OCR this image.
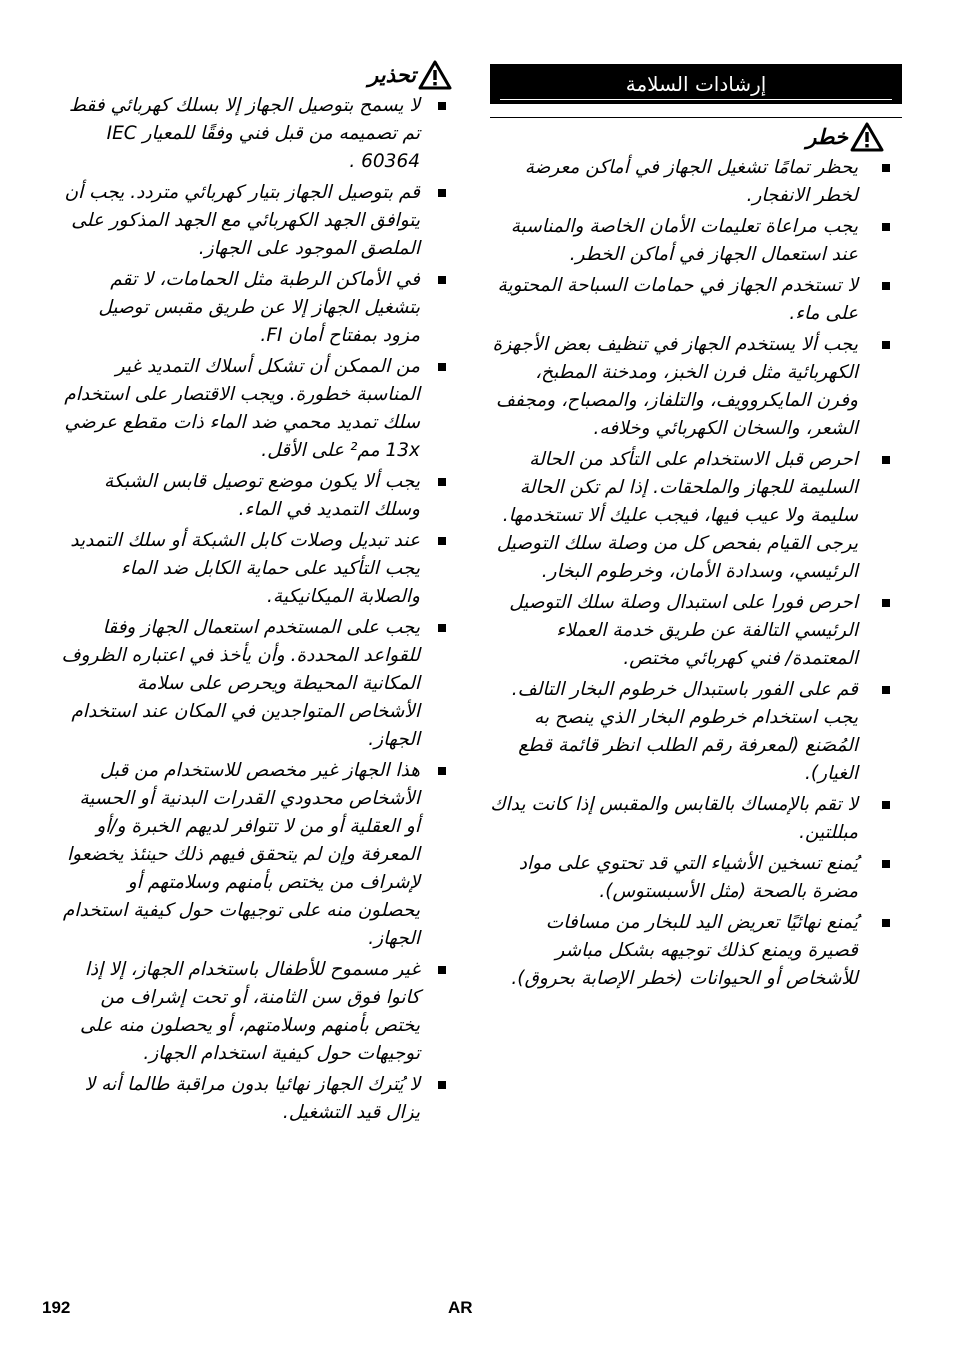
إرشادات السلامة
خطر
يحظر تمامًا تشغيل الجهاز في أماكن معرضة لخطر الانفجار.
يجب مراعاة تعليمات الأمان الخاصة والمناسبة عند استعمال الجهاز في أماكن الخطر.
لا تستخدم الجهاز في حمامات السباحة المحتوية على ماء.
يجب ألا يستخدم الجهاز في تنظيف بعض الأجهزة الكهربائية مثل فرن الخبز، ومدخنة المطبخ، وفرن المايكروويف، والتلفاز، والمصباح، ومجفف الشعر، والسخان الكهربائي وخلافه.
احرص قبل الاستخدام على التأكد من الحالة السليمة للجهاز والملحقات. إذا لم تكن الحالة سليمة ولا عيب فيها، فيجب عليك ألا تستخدمها. يرجى القيام بفحص كل من وصلة سلك التوصيل الرئيسي، وسدادة الأمان، وخرطوم البخار.
احرص فورا على استبدال وصلة سلك التوصيل الرئيسي التالفة عن طريق خدمة العملاء المعتمدة/ فني كهربائي مختص.
قم على الفور باستبدال خرطوم البخار التالف. يجب استخدام خرطوم البخار الذي ينصح به المُصَنع (لمعرفة رقم الطلب انظر قائمة قطع الغيار).
لا تقم بالإمساك بالقابس والمقبس إذا كانت يداك مبللتين.
يُمنع تسخين الأشياء التي قد تحتوي على مواد مضرة بالصحة (مثل الأسبستوس).
يُمنع نهائيًا تعريض اليد للبخار من مسافات قصيرة ويمنع كذلك توجيهه بشكل مباشر للأشخاص أو الحيوانات (خطر الإصابة بحروق).
تحذير
لا يسمح بتوصيل الجهاز إلا بسلك كهربائي فقط تم تصميمه من قبل فني وفقًا للمعيار IEC 60364 .
قم بتوصيل الجهاز بتيار كهربائي متردد. يجب أن يتوافق الجهد الكهربائي مع الجهد المذكور على الملصق الموجود على الجهاز.
في الأماكن الرطبة مثل الحمامات، لا تقم بتشغيل الجهاز إلا عن طريق مقبس توصيل مزود بمفتاح أمان FI.
من الممكن أن تشكل أسلاك التمديد غير المناسبة خطورة. ويجب الاقتصار على استخدام سلك تمديد محمي ضد الماء ذات مقطع عرضي 13x مم² على الأقل.
يجب ألا يكون موضع توصيل قابس الشبكة وسلك التمديد في الماء.
عند تبديل وصلات كابل الشبكة أو سلك التمديد يجب التأكيد على حماية الكابل ضد الماء والصلابة الميكانيكية.
يجب على المستخدم استعمال الجهاز وفقا للقواعد المحددة. وأن يأخذ في اعتباره الظروف المكانية المحيطة ويحرص على سلامة الأشخاص المتواجدين في المكان عند استخدام الجهاز.
هذا الجهاز غير مخصص للاستخدام من قبل الأشخاص محدودي القدرات البدنية أو الحسية أو العقلية أو من لا تتوافر لديهم الخبرة و/أو المعرفة وإن لم يتحقق فيهم ذلك حينئذ يخضعوا لإشراف من يختص بأمنهم وسلامتهم أو يحصلون منه على توجيهات حول كيفية استخدام الجهاز.
غير مسموح للأطفال باستخدام الجهاز، إلا إذا كانوا فوق سن الثامنة، أو تحت إشراف من يختص بأمنهم وسلامتهم، أو يحصلون منه على توجيهات حول كيفية استخدام الجهاز.
لا يُترك الجهاز نهائيا بدون مراقبة طالما أنه لا يزال قيد التشغيل.
192	AR
